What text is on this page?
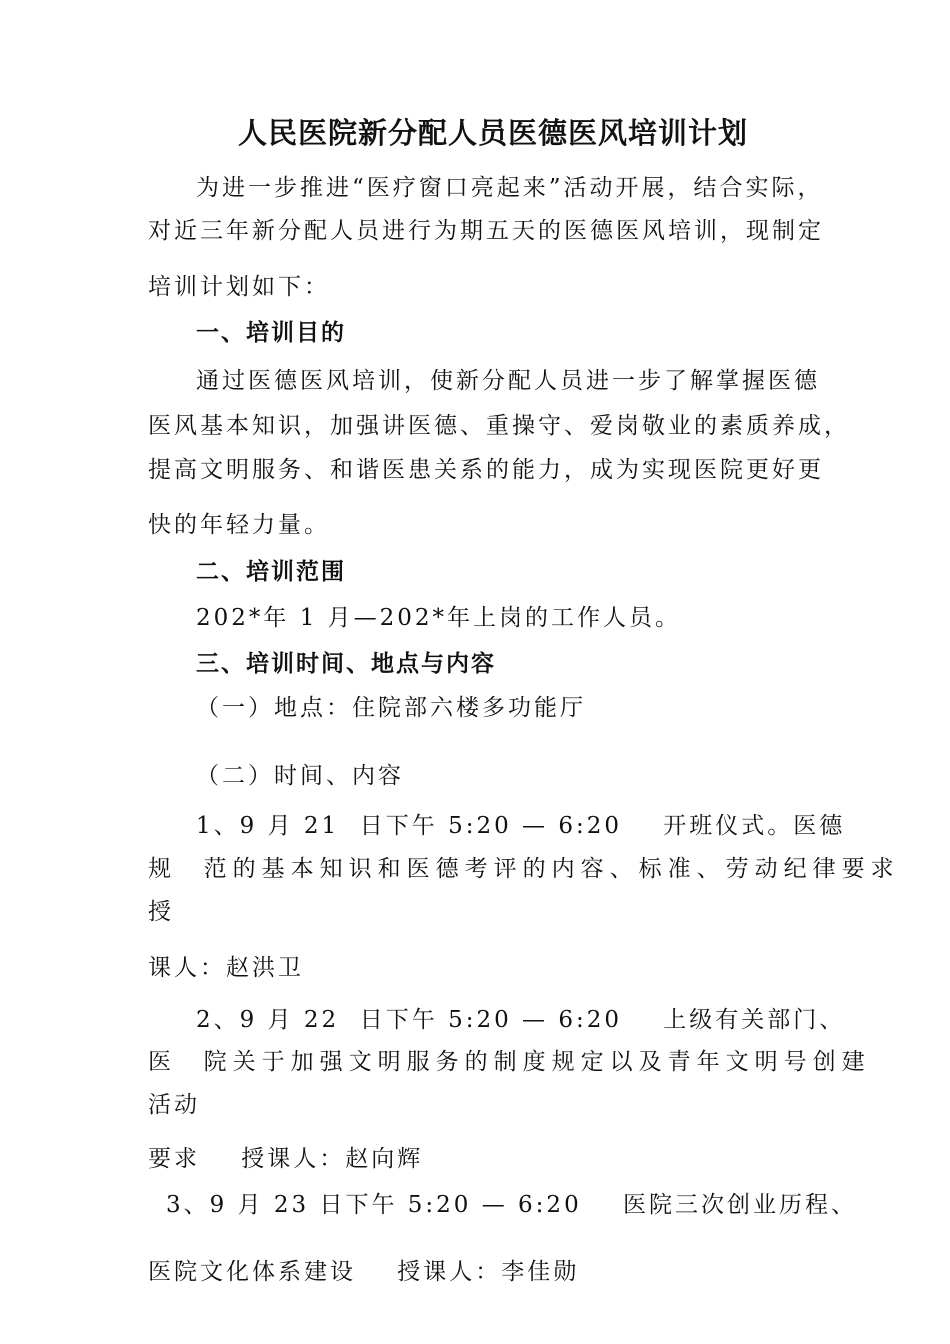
人民医院新分配人员医德医风培训计划
为进一步推进“医疗窗口亮起来”活动开展，结合实际，
对近三年新分配人员进行为期五天的医德医风培训，现制定
培训计划如下：
一、培训目的
通过医德医风培训，使新分配人员进一步了解掌握医德
医风基本知识，加强讲医德、重操守、爱岗敬业的素质养成，
提高文明服务、和谐医患关系的能力，成为实现医院更好更
快的年轻力量。
二、培训范围
202*年 1 月—202*年上岗的工作人员。
三、培训时间、地点与内容
（一）地点：住院部六楼多功能厅
（二）时间、内容
1、9 月 21  日下午 5:20 — 6:20    开班仪式。医德
规  范的基本知识和医德考评的内容、标准、劳动纪律要求
授
课人：赵洪卫
2、9 月 22  日下午 5:20 — 6:20    上级有关部门、
医  院关于加强文明服务的制度规定以及青年文明号创建
活动
要求    授课人：赵向辉
3、9 月 23 日下午 5:20 — 6:20    医院三次创业历程、
医院文化体系建设    授课人：李佳勋
